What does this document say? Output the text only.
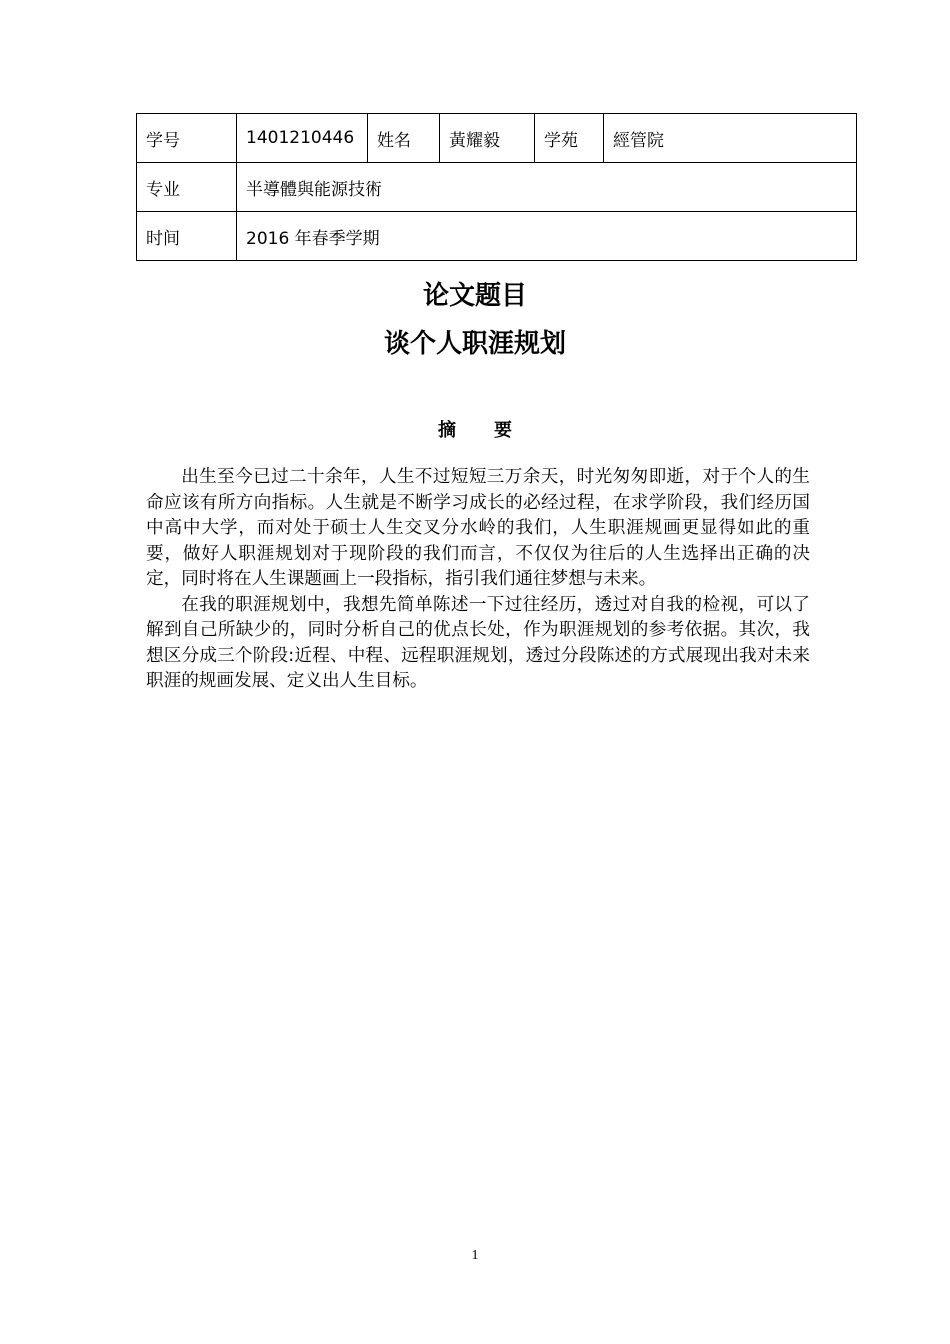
学号	1401210446	姓名	黃耀毅	学苑	經管院
专业	半導體與能源技術				
时间	2016 年春季学期				
论文题目
谈个人职涯规划
摘 要

出生至今已过二十余年，人生不过短短三万余天，时光匆匆即逝，对于个人的生命应该有所方向指标。人生就是不断学习成长的必经过程，在求学阶段，我们经历国中高中大学，而对处于硕士人生交叉分水岭的我们，人生职涯规画更显得如此的重要，做好人职涯规划对于现阶段的我们而言，不仅仅为往后的人生选择出正确的决定，同时将在人生课题画上一段指标，指引我们通往梦想与未来。

在我的职涯规划中，我想先简单陈述一下过往经历，透过对自我的检视，可以了解到自己所缺少的，同时分析自己的优点长处，作为职涯规划的参考依据。其次，我想区分成三个阶段:近程、中程、远程职涯规划，透过分段陈述的方式展现出我对未来职涯的规画发展、定义出人生目标。

1
